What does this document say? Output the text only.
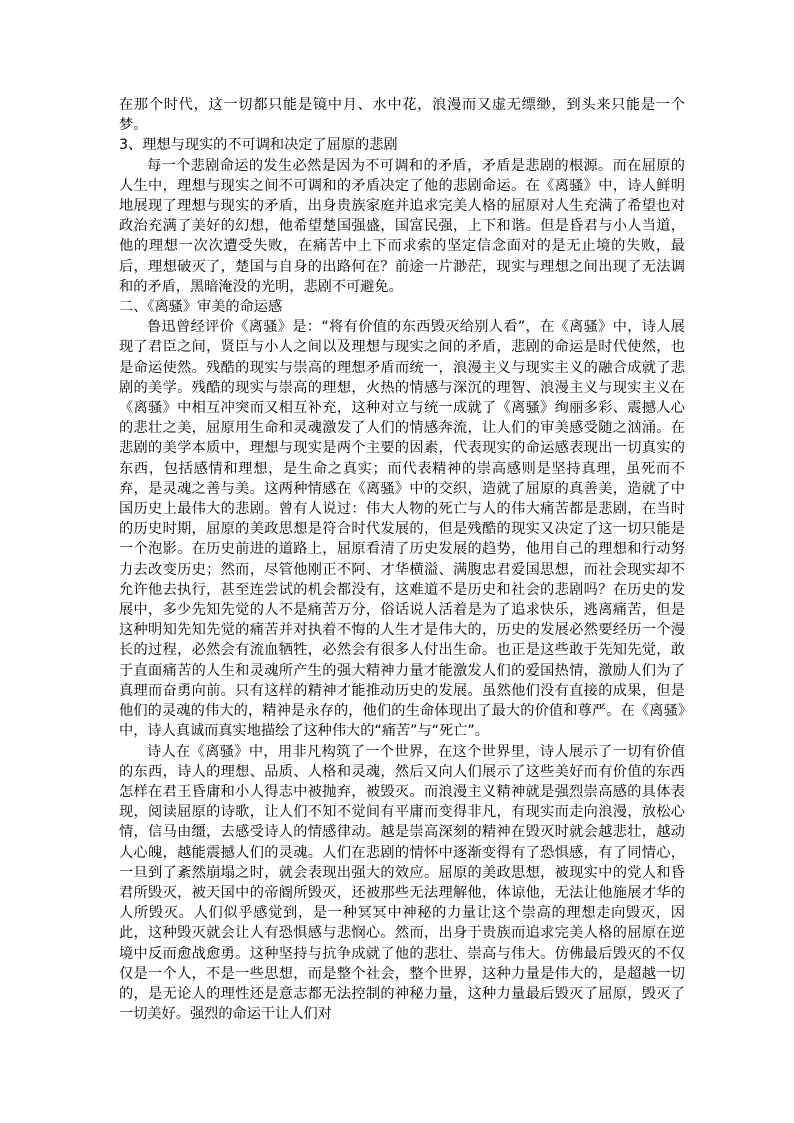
在那个时代，这一切都只能是镜中月、水中花，浪漫而又虚无缥缈，到头来只能是一个梦。

3、理想与现实的不可调和决定了屈原的悲剧

每一个悲剧命运的发生必然是因为不可调和的矛盾，矛盾是悲剧的根源。而在屈原的人生中，理想与现实之间不可调和的矛盾决定了他的悲剧命运。在《离骚》中，诗人鲜明地展现了理想与现实的矛盾，出身贵族家庭并追求完美人格的屈原对人生充满了希望也对政治充满了美好的幻想，他希望楚国强盛，国富民强，上下和谐。但是昏君与小人当道，他的理想一次次遭受失败，在痛苦中上下而求索的坚定信念面对的是无止境的失败，最后，理想破灭了，楚国与自身的出路何在？前途一片渺茫，现实与理想之间出现了无法调和的矛盾，黑暗淹没的光明，悲剧不可避免。

二、《离骚》审美的命运感

鲁迅曾经评价《离骚》是：“将有价值的东西毁灭给别人看”，在《离骚》中，诗人展现了君臣之间，贤臣与小人之间以及理想与现实之间的矛盾，悲剧的命运是时代使然，也是命运使然。残酷的现实与崇高的理想矛盾而统一，浪漫主义与现实主义的融合成就了悲剧的美学。残酷的现实与崇高的理想，火热的情感与深沉的理智、浪漫主义与现实主义在《离骚》中相互冲突而又相互补充，这种对立与统一成就了《离骚》绚丽多彩、震撼人心的悲壮之美，屈原用生命和灵魂激发了人们的情感奔流，让人们的审美感受随之汹涌。在悲剧的美学本质中，理想与现实是两个主要的因素，代表现实的命运感表现出一切真实的东西，包括感情和理想，是生命之真实；而代表精神的崇高感则是坚持真理，虽死而不弃，是灵魂之善与美。这两种情感在《离骚》中的交织，造就了屈原的真善美，造就了中国历史上最伟大的悲剧。曾有人说过：伟大人物的死亡与人的伟大痛苦都是悲剧，在当时的历史时期，屈原的美政思想是符合时代发展的，但是残酷的现实又决定了这一切只能是一个泡影。在历史前进的道路上，屈原看清了历史发展的趋势，他用自己的理想和行动努力去改变历史；然而，尽管他刚正不阿、才华横溢、满腹忠君爱国思想，而社会现实却不允许他去执行，甚至连尝试的机会都没有，这难道不是历史和社会的悲剧吗？在历史的发展中，多少先知先觉的人不是痛苦万分，俗话说人活着是为了追求快乐，逃离痛苦，但是这种明知先知先觉的痛苦并对执着不悔的人生才是伟大的，历史的发展必然要经历一个漫长的过程，必然会有流血牺牲，必然会有很多人付出生命。也正是这些敢于先知先觉，敢于直面痛苦的人生和灵魂所产生的强大精神力量才能激发人们的爱国热情，激励人们为了真理而奋勇向前。只有这样的精神才能推动历史的发展。虽然他们没有直接的成果，但是他们的灵魂的伟大的，精神是永存的，他们的生命体现出了最大的价值和尊严。在《离骚》中，诗人真诚而真实地描绘了这种伟大的“痛苦”与“死亡”。

诗人在《离骚》中，用非凡构筑了一个世界，在这个世界里，诗人展示了一切有价值的东西，诗人的理想、品质、人格和灵魂，然后又向人们展示了这些美好而有价值的东西怎样在君王昏庸和小人得志中被抛弃，被毁灭。而浪漫主义精神就是强烈崇高感的具体表现，阅读屈原的诗歌，让人们不知不觉间有平庸而变得非凡，有现实而走向浪漫，放松心情，信马由缰，去感受诗人的情感律动。越是崇高深刻的精神在毁灭时就会越悲壮，越动人心魄，越能震撼人们的灵魂。人们在悲剧的情怀中逐渐变得有了恐惧感，有了同情心，一旦到了紊然崩塌之时，就会表现出强大的效应。屈原的美政思想，被现实中的党人和昏君所毁灭，被天国中的帝阍所毁灭，还被那些无法理解他，体谅他，无法让他施展才华的人所毁灭。人们似乎感觉到，是一种冥冥中神秘的力量让这个崇高的理想走向毁灭，因此，这种毁灭就会让人有恐惧感与悲悯心。然而，出身于贵族而追求完美人格的屈原在逆境中反而愈战愈勇。这种坚持与抗争成就了他的悲壮、崇高与伟大。仿佛最后毁灭的不仅仅是一个人，不是一些思想，而是整个社会，整个世界，这种力量是伟大的，是超越一切的，是无论人的理性还是意志都无法控制的神秘力量，这种力量最后毁灭了屈原，毁灭了一切美好。强烈的命运干让人们对
